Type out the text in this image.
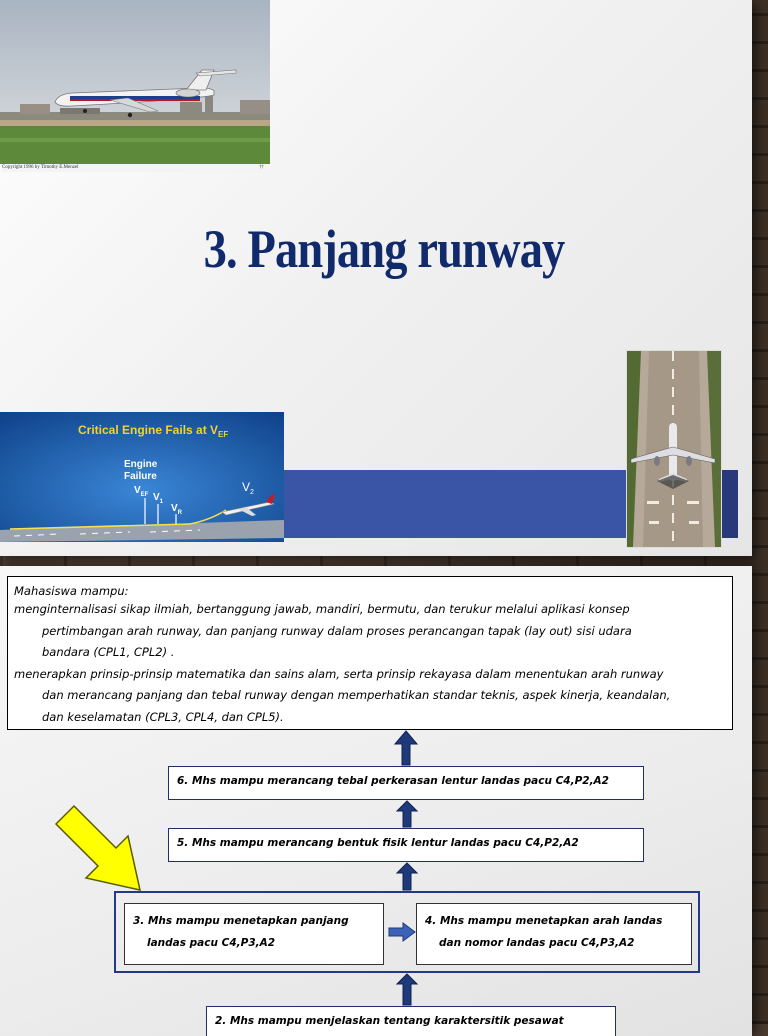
Copyright 1996 by Timothy E.Menzel	††
3. Panjang runway
Critical Engine Fails at $V_{EF}$
Engine
Failure
$V_{EF}$ $V_1$
$V_R$
$V_2$

Mahasiswa mampu:

menginternalisasi sikap ilmiah, bertanggung jawab, mandiri, bermutu, dan terukur melalui aplikasi konsep

pertimbangan arah runway, dan panjang runway dalam proses perancangan tapak (lay out) sisi udara

bandara (CPL1, CPL2) .

menerapkan prinsip-prinsip matematika dan sains alam, serta prinsip rekayasa dalam menentukan arah runway

dan merancang panjang dan tebal runway dengan memperhatikan standar teknis, aspek kinerja, keandalan,

dan keselamatan (CPL3, CPL4, dan CPL5).

6. Mhs mampu merancang tebal perkerasan lentur landas pacu C4,P2,A2
5. Mhs mampu merancang bentuk fisik lentur landas pacu C4,P2,A2
3. Mhs mampu menetapkan panjang
landas pacu C4,P3,A2
4. Mhs mampu menetapkan arah landas
dan nomor landas pacu C4,P3,A2
2. Mhs mampu menjelaskan tentang karaktersitik pesawat
